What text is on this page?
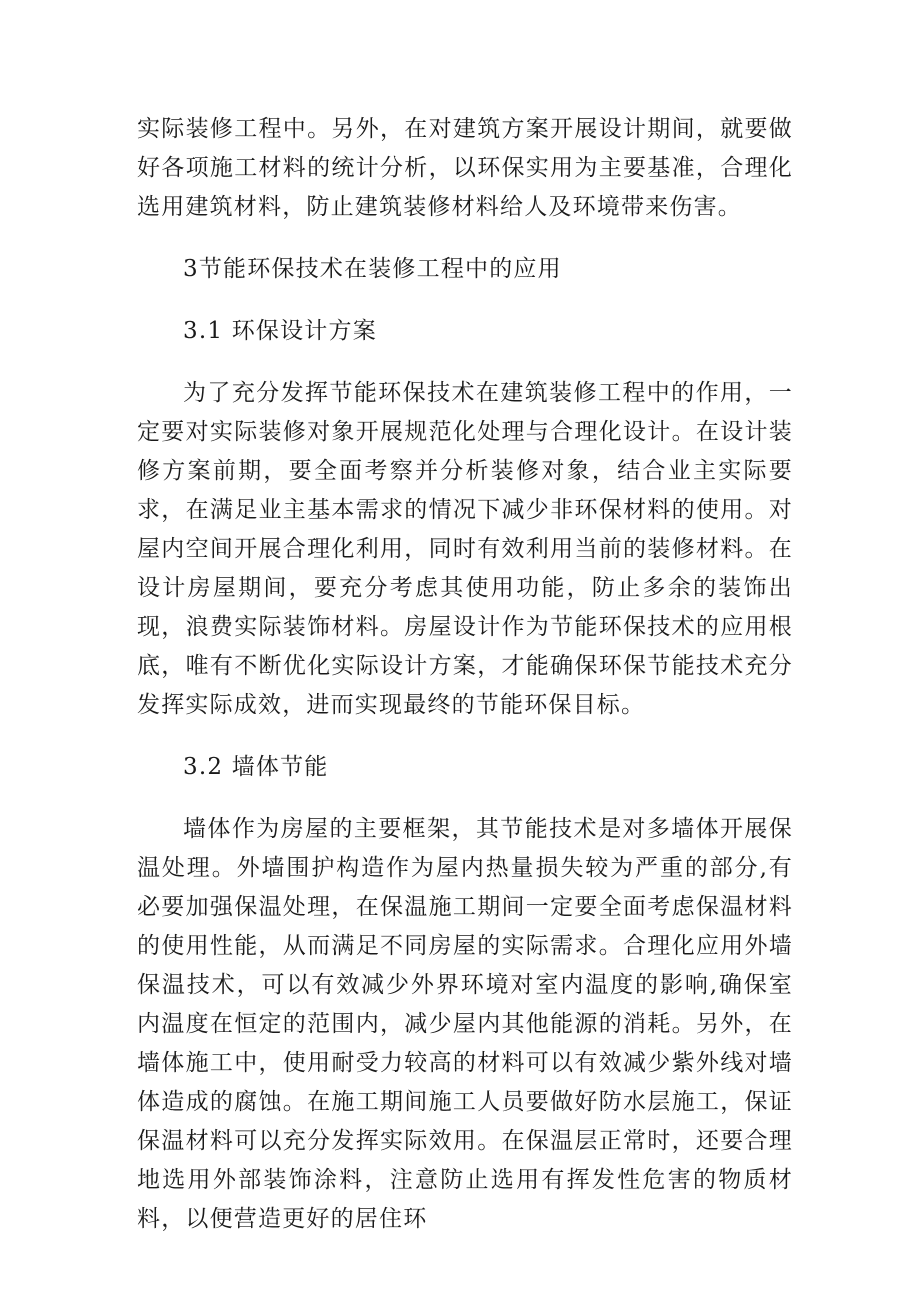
实际装修工程中。另外，在对建筑方案开展设计期间，就要做好各项施工材料的统计分析，以环保实用为主要基准，合理化选用建筑材料，防止建筑装修材料给人及环境带来伤害。

3节能环保技术在装修工程中的应用

3.1 环保设计方案

为了充分发挥节能环保技术在建筑装修工程中的作用，一定要对实际装修对象开展规范化处理与合理化设计。在设计装修方案前期，要全面考察并分析装修对象，结合业主实际要求，在满足业主基本需求的情况下减少非环保材料的使用。对屋内空间开展合理化利用，同时有效利用当前的装修材料。在设计房屋期间，要充分考虑其使用功能，防止多余的装饰出现，浪费实际装饰材料。房屋设计作为节能环保技术的应用根底，唯有不断优化实际设计方案，才能确保环保节能技术充分发挥实际成效，进而实现最终的节能环保目标。

3.2 墙体节能

墙体作为房屋的主要框架，其节能技术是对多墙体开展保温处理。外墙围护构造作为屋内热量损失较为严重的部分,有必要加强保温处理，在保温施工期间一定要全面考虑保温材料的使用性能，从而满足不同房屋的实际需求。合理化应用外墙保温技术，可以有效减少外界环境对室内温度的影响,确保室内温度在恒定的范围内，减少屋内其他能源的消耗。另外，在墙体施工中，使用耐受力较高的材料可以有效减少紫外线对墙体造成的腐蚀。在施工期间施工人员要做好防水层施工，保证保温材料可以充分发挥实际效用。在保温层正常时，还要合理地选用外部装饰涂料，注意防止选用有挥发性危害的物质材料，以便营造更好的居住环
